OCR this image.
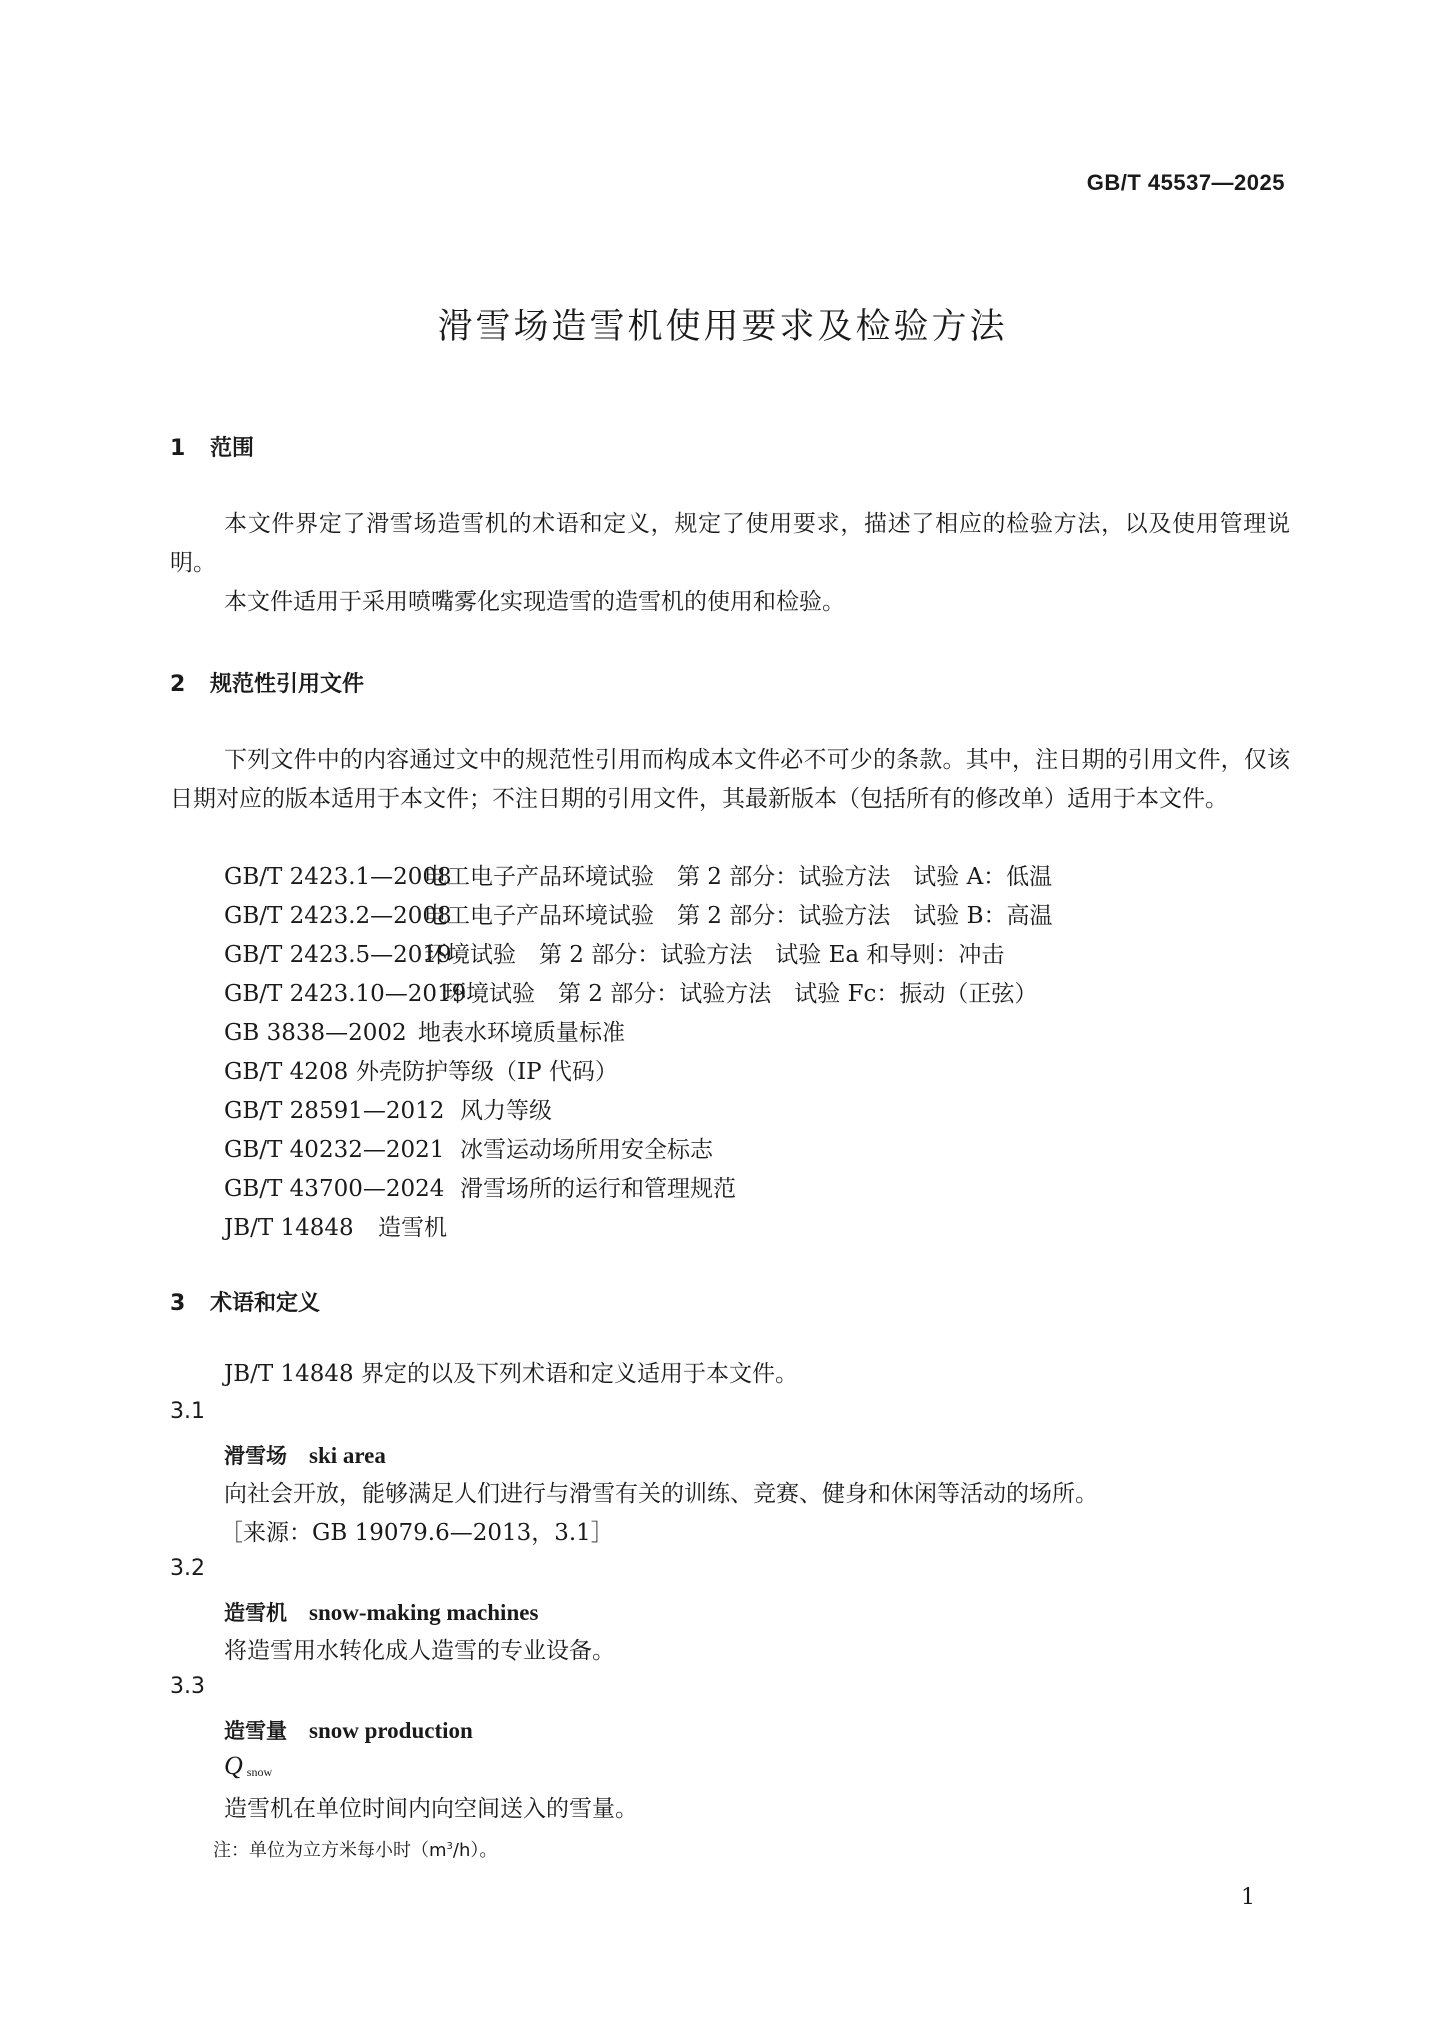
GB/T 45537—2025
滑雪场造雪机使用要求及检验方法
1 范围
本文件界定了滑雪场造雪机的术语和定义，规定了使用要求，描述了相应的检验方法，以及使用管理说明。
本文件适用于采用喷嘴雾化实现造雪的造雪机的使用和检验。
2 规范性引用文件
下列文件中的内容通过文中的规范性引用而构成本文件必不可少的条款。其中，注日期的引用文件，仅该日期对应的版本适用于本文件；不注日期的引用文件，其最新版本（包括所有的修改单）适用于本文件。
GB/T 2423.1—2008电工电子产品环境试验　第 2 部分：试验方法　试验 A：低温
GB/T 2423.2—2008电工电子产品环境试验　第 2 部分：试验方法　试验 B：高温
GB/T 2423.5—2019环境试验　第 2 部分：试验方法　试验 Ea 和导则：冲击
GB/T 2423.10—2019环境试验　第 2 部分：试验方法　试验 Fc：振动（正弦）
GB 3838—2002 地表水环境质量标准
GB/T 4208 外壳防护等级（IP 代码）
GB/T 28591—2012 风力等级
GB/T 40232—2021 冰雪运动场所用安全标志
GB/T 43700—2024 滑雪场所的运行和管理规范
JB/T 14848 造雪机
3 术语和定义
JB/T 14848 界定的以及下列术语和定义适用于本文件。
3.1
滑雪场 ski area
向社会开放，能够满足人们进行与滑雪有关的训练、竞赛、健身和休闲等活动的场所。
［来源：GB 19079.6—2013，3.1］
3.2
造雪机 snow-making machines
将造雪用水转化成人造雪的专业设备。
3.3
造雪量 snow production
Q $_{snow}$
造雪机在单位时间内向空间送入的雪量。
注：单位为立方米每小时$(m^3/h)$。
1
